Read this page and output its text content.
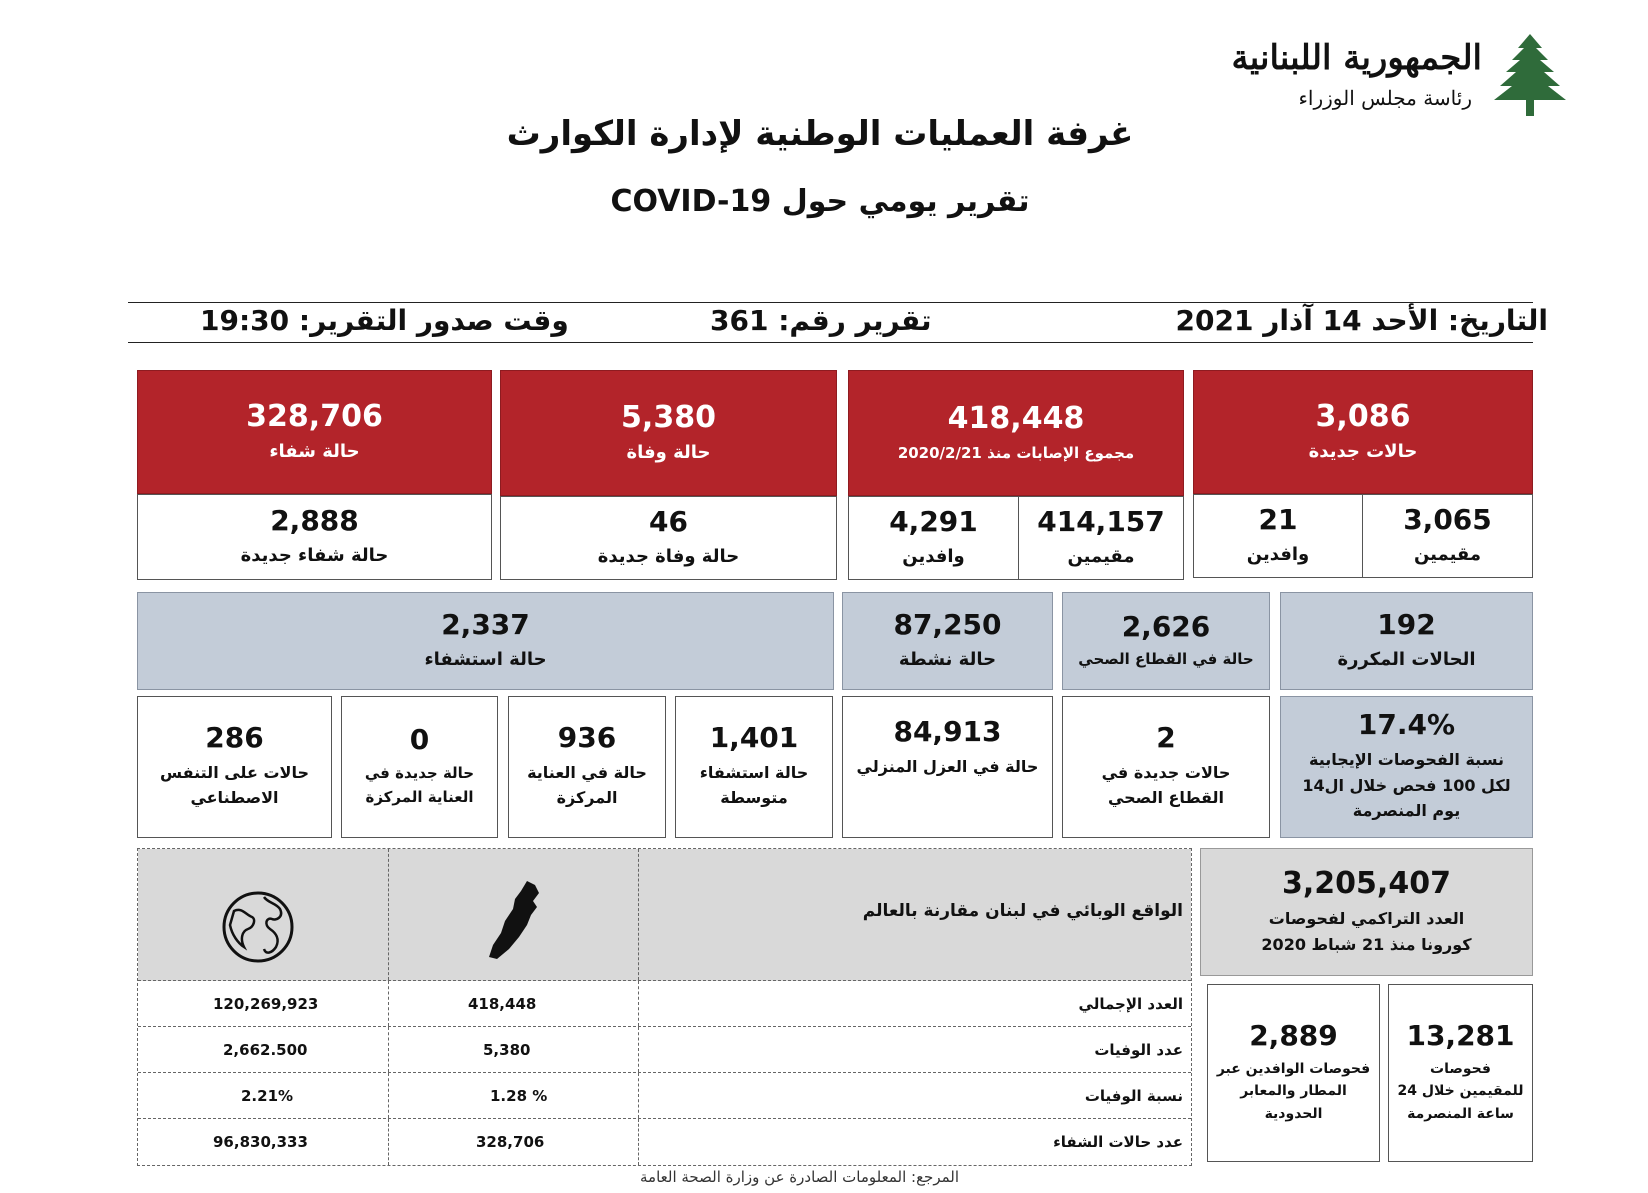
الجمهورية اللبنانية
رئاسة مجلس الوزراء
غرفة العمليات الوطنية لإدارة الكوارث
تقرير يومي حول COVID-19
التاريخ: الأحد 14 آذار 2021
تقرير رقم: 361
وقت صدور التقرير: 19:30
3,086
حالات جديدة
418,448
مجموع الإصابات منذ 2020/2/21
5,380
حالة وفاة
328,706
حالة شفاء
3,065
مقيمين
21
وافدين
414,157
مقيمين
4,291
وافدين
46
حالة وفاة جديدة
2,888
حالة شفاء جديدة
192
الحالات المكررة
2,626
حالة في القطاع الصحي
87,250
حالة نشطة
2,337
حالة استشفاء
17.4%
نسبة الفحوصات الإيجابية لكل 100 فحص خلال ال14 يوم المنصرمة
2
حالات جديدة في
القطاع الصحي
84,913
حالة في العزل المنزلي
1,401
حالة استشفاء
متوسطة
936
حالة في العناية
المركزة
0
حالة جديدة في
العناية المركزة
286
حالات على التنفس
الاصطناعي
الواقع الوبائي في لبنان مقارنة بالعالم
العدد الإجمالي
418,448
120,269,923
عدد الوفيات
5,380
2,662.500
نسبة الوفيات
1.28 %
2.21%
عدد حالات الشفاء
328,706
96,830,333
3,205,407
العدد التراكمي لفحوصات
كورونا منذ 21 شباط 2020
13,281
فحوصات
للمقيمين خلال 24
ساعة المنصرمة
2,889
فحوصات الوافدين عبر
المطار والمعابر
الحدودية
المرجع: المعلومات الصادرة عن وزارة الصحة العامة
